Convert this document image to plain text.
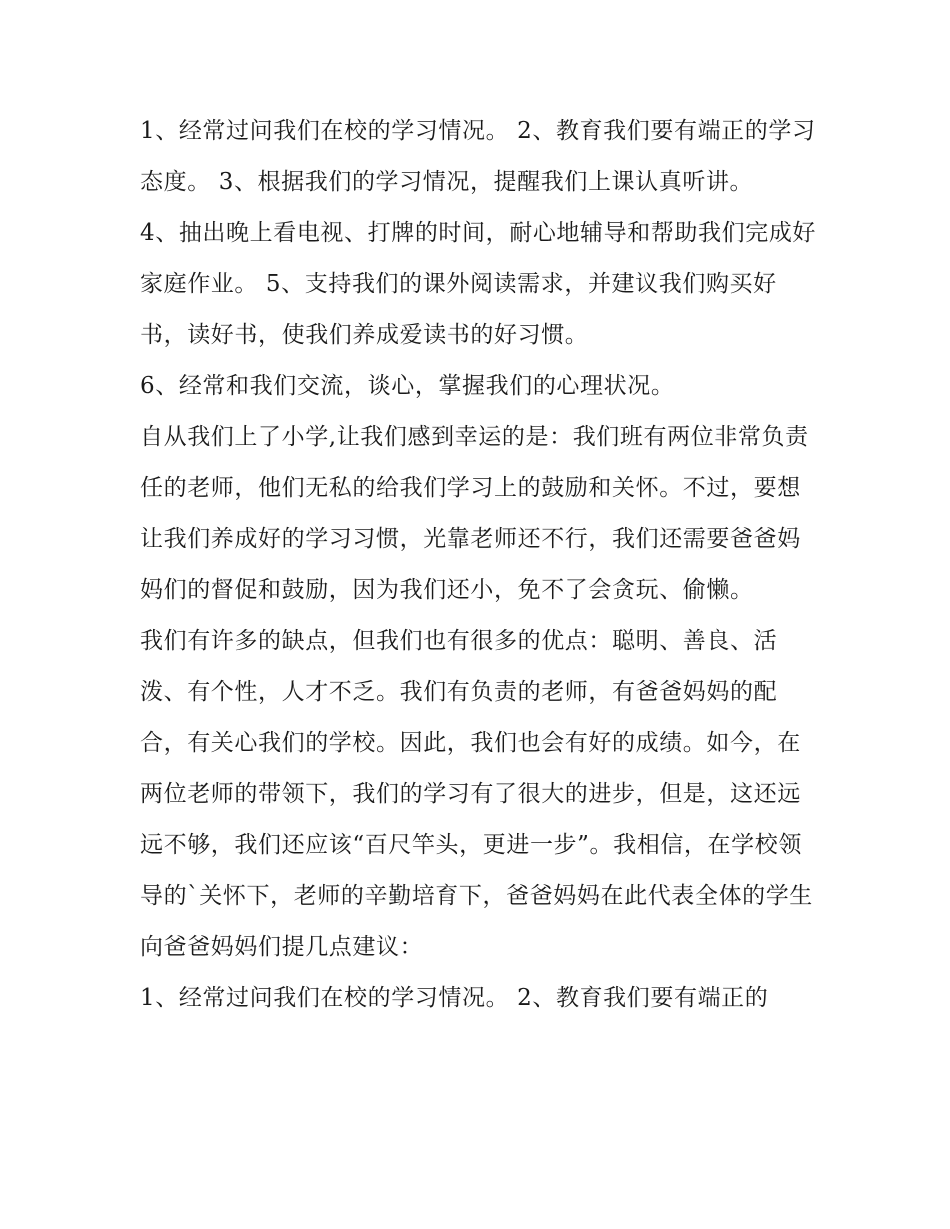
1、经常过问我们在校的学习情况。 2、教育我们要有端正的学习态度。 3、根据我们的学习情况，提醒我们上课认真听讲。

4、抽出晚上看电视、打牌的时间，耐心地辅导和帮助我们完成好家庭作业。 5、支持我们的课外阅读需求，并建议我们购买好书，读好书，使我们养成爱读书的好习惯。

6、经常和我们交流，谈心，掌握我们的心理状况。

自从我们上了小学,让我们感到幸运的是：我们班有两位非常负责任的老师，他们无私的给我们学习上的鼓励和关怀。不过，要想让我们养成好的学习习惯，光靠老师还不行，我们还需要爸爸妈妈们的督促和鼓励，因为我们还小，免不了会贪玩、偷懒。

我们有许多的缺点，但我们也有很多的优点：聪明、善良、活泼、有个性，人才不乏。我们有负责的老师，有爸爸妈妈的配合，有关心我们的学校。因此，我们也会有好的成绩。如今，在两位老师的带领下，我们的学习有了很大的进步，但是，这还远远不够，我们还应该“百尺竿头，更进一步”。我相信，在学校领导的`关怀下，老师的辛勤培育下，爸爸妈妈在此代表全体的学生向爸爸妈妈们提几点建议：

1、经常过问我们在校的学习情况。 2、教育我们要有端正的
